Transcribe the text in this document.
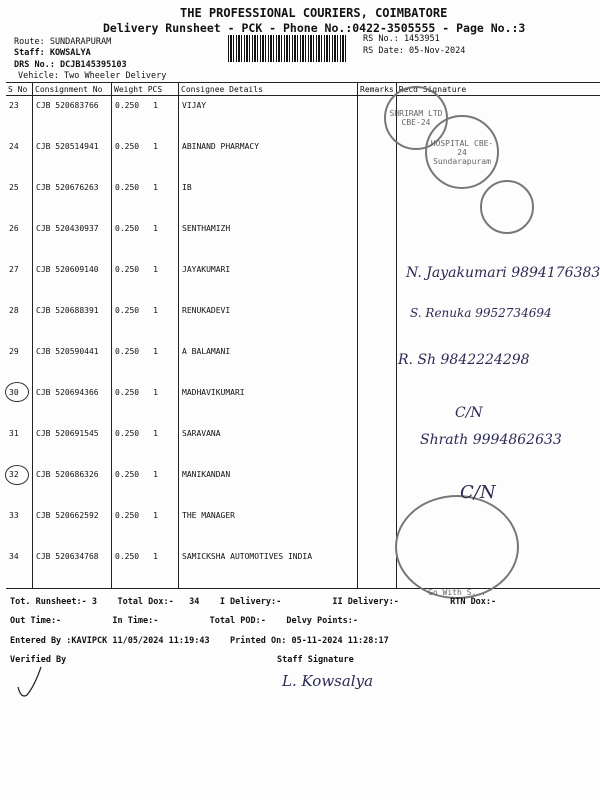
THE PROFESSIONAL COURIERS, COIMBATORE
Delivery Runsheet - PCK - Phone No.:0422-3505555 - Page No.:3
Route: SUNDARAPURAM
Staff: KOWSALYA
DRS No.: DCJB145395103
Vehicle: Two Wheeler Delivery
RS No.: 1453951
RS Date: 05-Nov-2024
S No	Consignment No	Weight PCS	Consignee Details	Remarks	Recd Signature
23	CJB 520683766	0.250 1	VIJAY		
24	CJB 520514941	0.250 1	ABINAND PHARMACY		
25	CJB 520676263	0.250 1	IB		
26	CJB 520430937	0.250 1	SENTHAMIZH		
27	CJB 520609140	0.250 1	JAYAKUMARI		
28	CJB 520688391	0.250 1	RENUKADEVI		
29	CJB 520590441	0.250 1	A BALAMANI		
30	CJB 520694366	0.250 1	MADHAVIKUMARI		
31	CJB 520691545	0.250 1	SARAVANA		
32	CJB 520686326	0.250 1	MANIKANDAN		
33	CJB 520662592	0.250 1	THE MANAGER		
34	CJB 520634768	0.250 1	SAMICKSHA AUTOMOTIVES INDIA		
SHRIRAM LTD CBE-24
HOSPITAL CBE-24 Sundarapuram
Go With S...
N. Jayakumari 9894176383
S. Renuka 9952734694
R. Sh 9842224298
C/N
Shrath 9994862633
C/N
Tot. Runsheet:- 3    Total Dox:-   34    I Delivery:-          II Delivery:-          RTN Dox:-
Out Time:-          In Time:-          Total POD:-    Delvy Points:-
Entered By :KAVIPCK 11/05/2024 11:19:43    Printed On: 05-11-2024 11:28:17
Verified By	Staff Signature
L. Kowsalya
